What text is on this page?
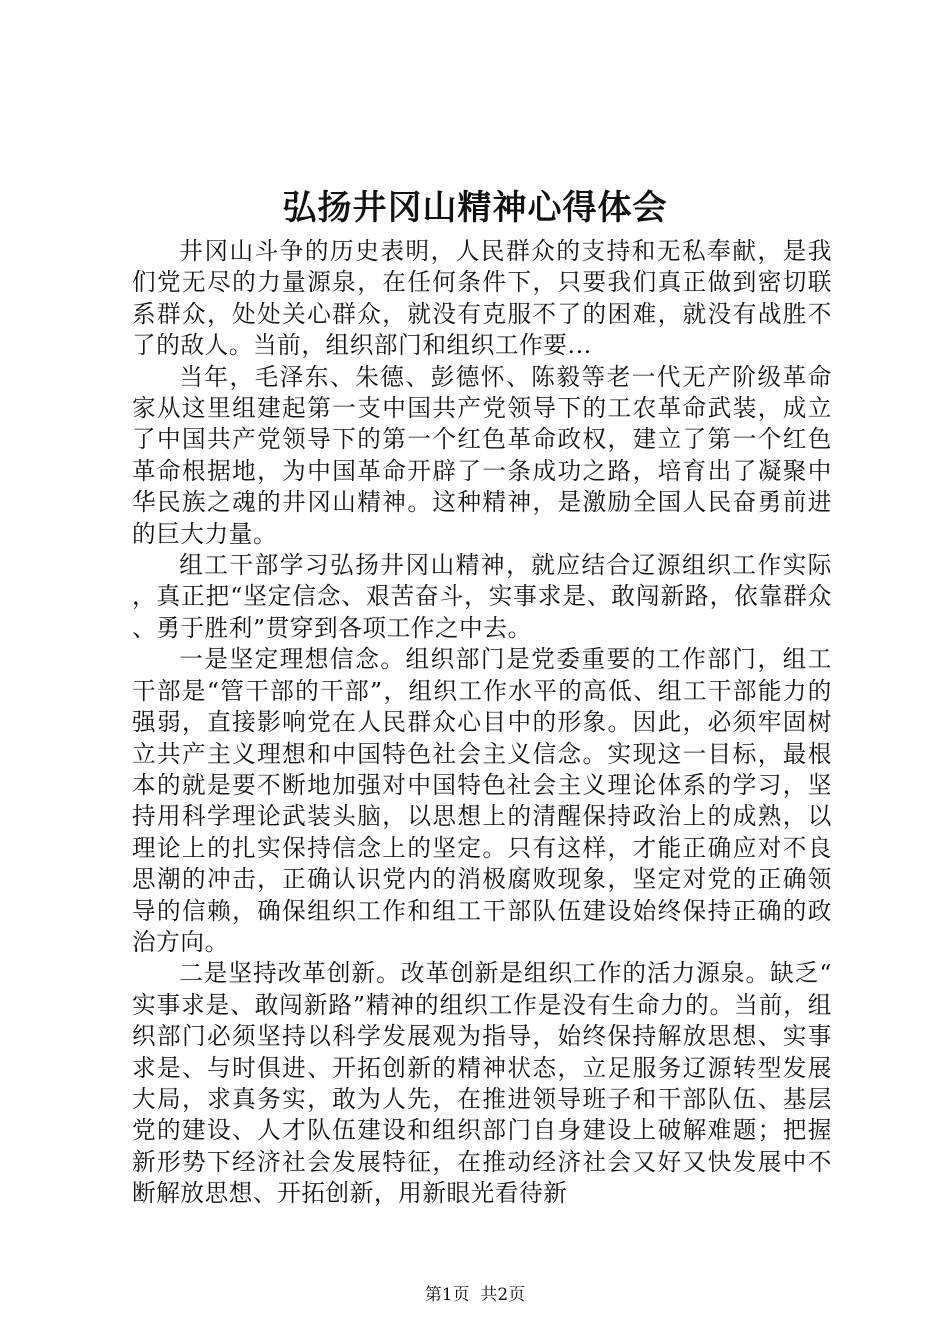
弘扬井冈山精神心得体会

井冈山斗争的历史表明，人民群众的支持和无私奉献，是我们党无尽的力量源泉，在任何条件下，只要我们真正做到密切联系群众，处处关心群众，就没有克服不了的困难，就没有战胜不了的敌人。当前，组织部门和组织工作要...

当年，毛泽东、朱德、彭德怀、陈毅等老一代无产阶级革命家从这里组建起第一支中国共产党领导下的工农革命武装，成立了中国共产党领导下的第一个红色革命政权，建立了第一个红色革命根据地，为中国革命开辟了一条成功之路，培育出了凝聚中华民族之魂的井冈山精神。这种精神，是激励全国人民奋勇前进的巨大力量。

组工干部学习弘扬井冈山精神，就应结合辽源组织工作实际，真正把“坚定信念、艰苦奋斗，实事求是、敢闯新路，依靠群众、勇于胜利”贯穿到各项工作之中去。

一是坚定理想信念。组织部门是党委重要的工作部门，组工干部是“管干部的干部”，组织工作水平的高低、组工干部能力的强弱，直接影响党在人民群众心目中的形象。因此，必须牢固树立共产主义理想和中国特色社会主义信念。实现这一目标，最根本的就是要不断地加强对中国特色社会主义理论体系的学习，坚持用科学理论武装头脑，以思想上的清醒保持政治上的成熟，以理论上的扎实保持信念上的坚定。只有这样，才能正确应对不良思潮的冲击，正确认识党内的消极腐败现象，坚定对党的正确领导的信赖，确保组织工作和组工干部队伍建设始终保持正确的政治方向。

二是坚持改革创新。改革创新是组织工作的活力源泉。缺乏“实事求是、敢闯新路”精神的组织工作是没有生命力的。当前，组织部门必须坚持以科学发展观为指导，始终保持解放思想、实事求是、与时俱进、开拓创新的精神状态，立足服务辽源转型发展大局，求真务实，敢为人先，在推进领导班子和干部队伍、基层党的建设、人才队伍建设和组织部门自身建设上破解难题；把握新形势下经济社会发展特征，在推动经济社会又好又快发展中不断解放思想、开拓创新，用新眼光看待新

第1页  共2页
